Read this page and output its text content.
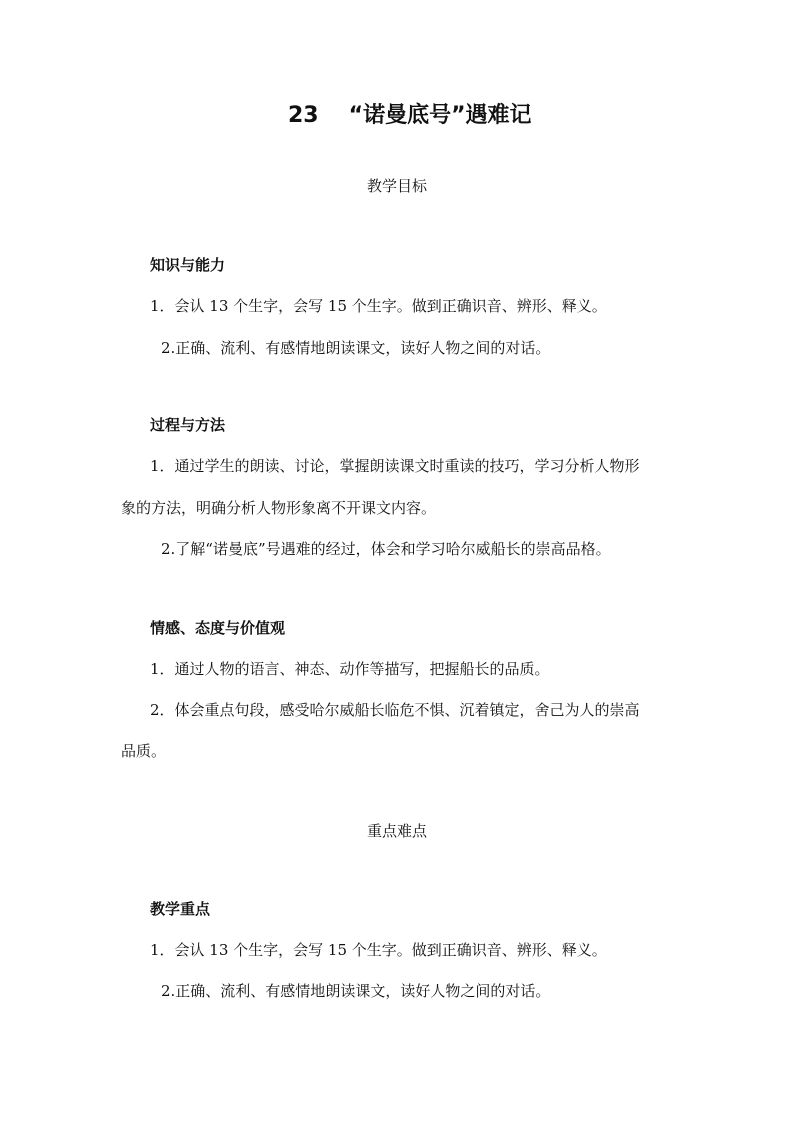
23 “诺曼底号”遇难记
教学目标
知识与能力
1．会认 13 个生字，会写 15 个生字。做到正确识音、辨形、释义。
2.正确、流利、有感情地朗读课文，读好人物之间的对话。
过程与方法
1．通过学生的朗读、讨论，掌握朗读课文时重读的技巧，学习分析人物形
象的方法，明确分析人物形象离不开课文内容。
2.了解“诺曼底”号遇难的经过，体会和学习哈尔威船长的崇高品格。
情感、态度与价值观
1．通过人物的语言、神态、动作等描写，把握船长的品质。
2．体会重点句段，感受哈尔威船长临危不惧、沉着镇定，舍己为人的崇高
品质。
重点难点
教学重点
1．会认 13 个生字，会写 15 个生字。做到正确识音、辨形、释义。
2.正确、流利、有感情地朗读课文，读好人物之间的对话。
